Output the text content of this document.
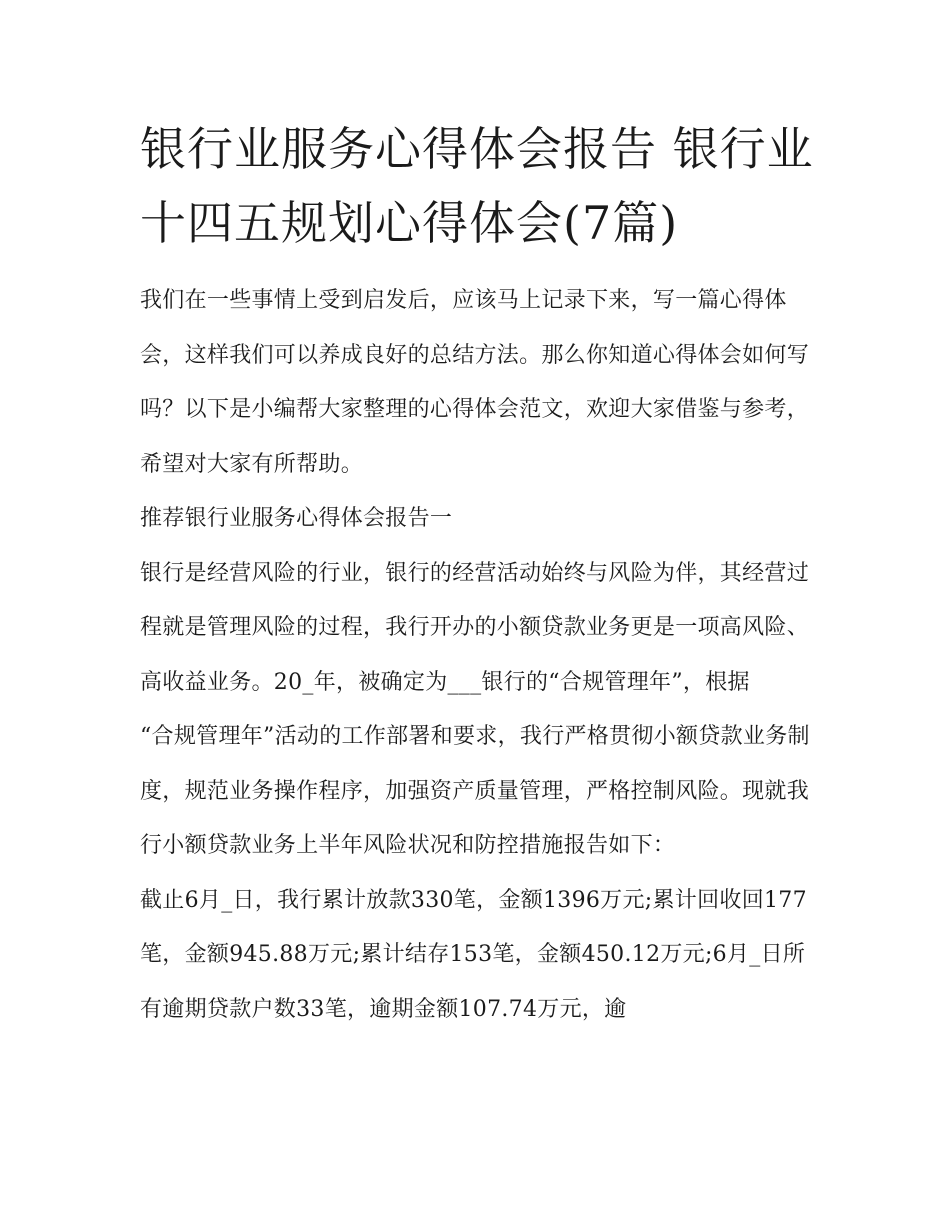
银行业服务心得体会报告 银行业十四五规划心得体会(7篇)

我们在一些事情上受到启发后，应该马上记录下来，写一篇心得体会，这样我们可以养成良好的总结方法。那么你知道心得体会如何写吗？以下是小编帮大家整理的心得体会范文，欢迎大家借鉴与参考，希望对大家有所帮助。

推荐银行业服务心得体会报告一

银行是经营风险的行业，银行的经营活动始终与风险为伴，其经营过程就是管理风险的过程，我行开办的小额贷款业务更是一项高风险、高收益业务。20_年，被确定为___银行的“合规管理年”，根据

“合规管理年”活动的工作部署和要求，我行严格贯彻小额贷款业务制度，规范业务操作程序，加强资产质量管理，严格控制风险。现就我行小额贷款业务上半年风险状况和防控措施报告如下：

截止6月_日，我行累计放款330笔，金额1396万元;累计回收回177笔，金额945.88万元;累计结存153笔，金额450.12万元;6月_日所有逾期贷款户数33笔，逾期金额107.74万元，逾
